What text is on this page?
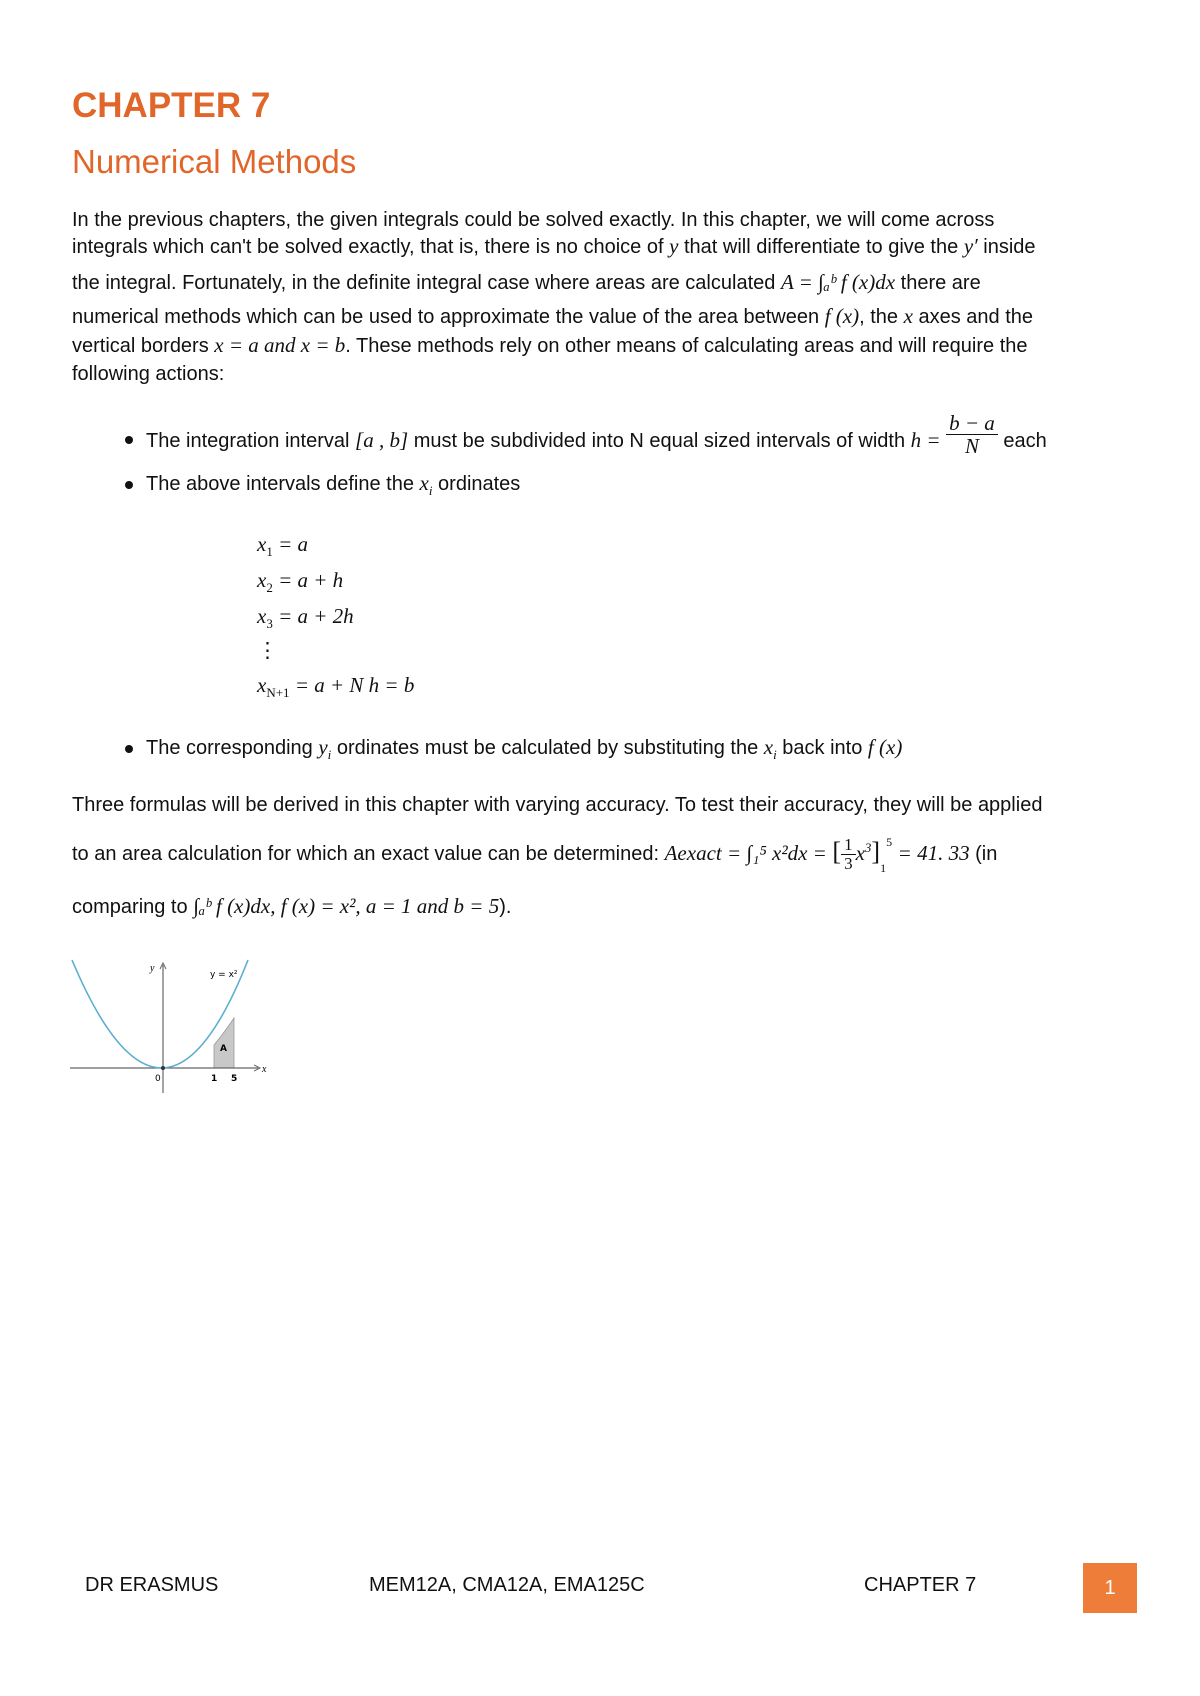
CHAPTER 7
Numerical Methods
In the previous chapters, the given integrals could be solved exactly. In this chapter, we will come across
integrals which can't be solved exactly, that is, there is no choice of y that will differentiate to give the y′ inside
the integral. Fortunately, in the definite integral case where areas are calculated A = ∫ₐᵇ f (x)dx there are
numerical methods which can be used to approximate the value of the area between f (x), the x axes and the
vertical borders x = a and x = b. These methods rely on other means of calculating areas and will require the
following actions:
The integration interval [a , b] must be subdivided into N equal sized intervals of width $h = \frac{b - a}{N}$ each
The above intervals define the $x_i$ ordinates
$x_1 = a$
$x_2 = a + h$
$x_3 = a + 2h$
⋮
$x_{N+1} = a + N$ h = b
The corresponding $y_i$ ordinates must be calculated by substituting the $x_i$ back into f (x)
Three formulas will be derived in this chapter with varying accuracy. To test their accuracy, they will be applied
to an area calculation for which an exact value can be determined: Aexact = ∫₁⁵ x²dx = [ $\frac{1}{3} x^3]_1^5 = 41$. 33 (in
comparing to ∫ₐᵇ f (x)dx, f (x) = x², a = 1 and b = 5).
y
x
y = x²
A
0	1 5
DR ERASMUS	MEM12A, CMA12A, EMA125C	CHAPTER 7	1
